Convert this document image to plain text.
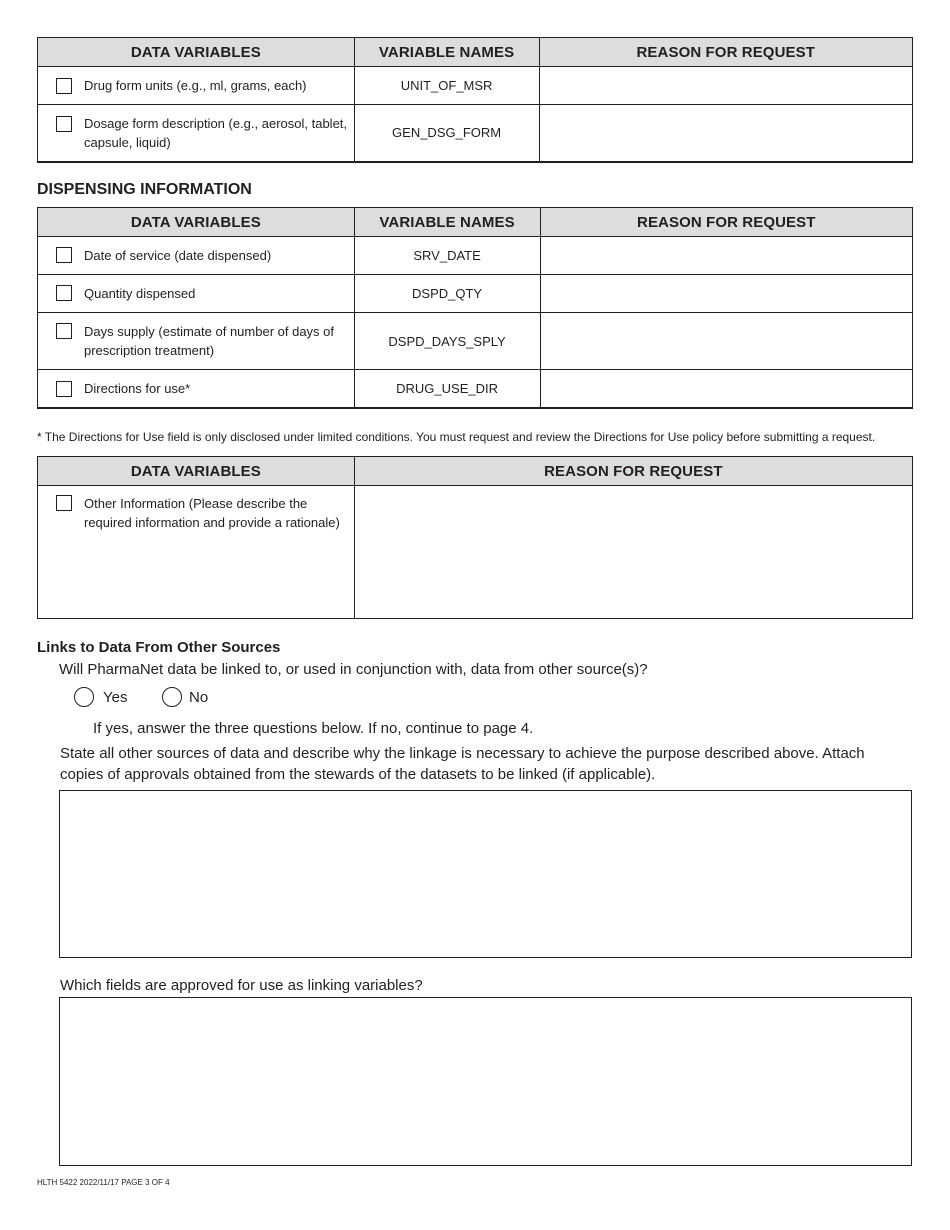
DATA VARIABLES	VARIABLE NAMES	REASON FOR REQUEST

Drug form units (e.g., ml, grams, each)	UNIT_OF_MSR	

Dosage form description (e.g., aerosol, tablet, capsule, liquid)	GEN_DSG_FORM	
DISPENSING INFORMATION
DATA VARIABLES	VARIABLE NAMES	REASON FOR REQUEST

Date of service (date dispensed)	SRV_DATE	

Quantity dispensed	DSPD_QTY	

Days supply (estimate of number of days of prescription treatment)	DSPD_DAYS_SPLY	

Directions for use*	DRUG_USE_DIR	
* The Directions for Use field is only disclosed under limited conditions. You must request and review the Directions for Use policy before submitting a request.
DATA VARIABLES	REASON FOR REQUEST

Other Information (Please describe the required information and provide a rationale)	

Links to Data From Other Sources
Will PharmaNet data be linked to, or used in conjunction with, data from other source(s)?
Yes	No
If yes, answer the three questions below. If no, continue to page 4.
State all other sources of data and describe why the linkage is necessary to achieve the purpose described above. Attach copies of approvals obtained from the stewards of the datasets to be linked (if applicable).
Which fields are approved for use as linking variables?
HLTH 5422 2022/11/17 PAGE 3 OF 4
